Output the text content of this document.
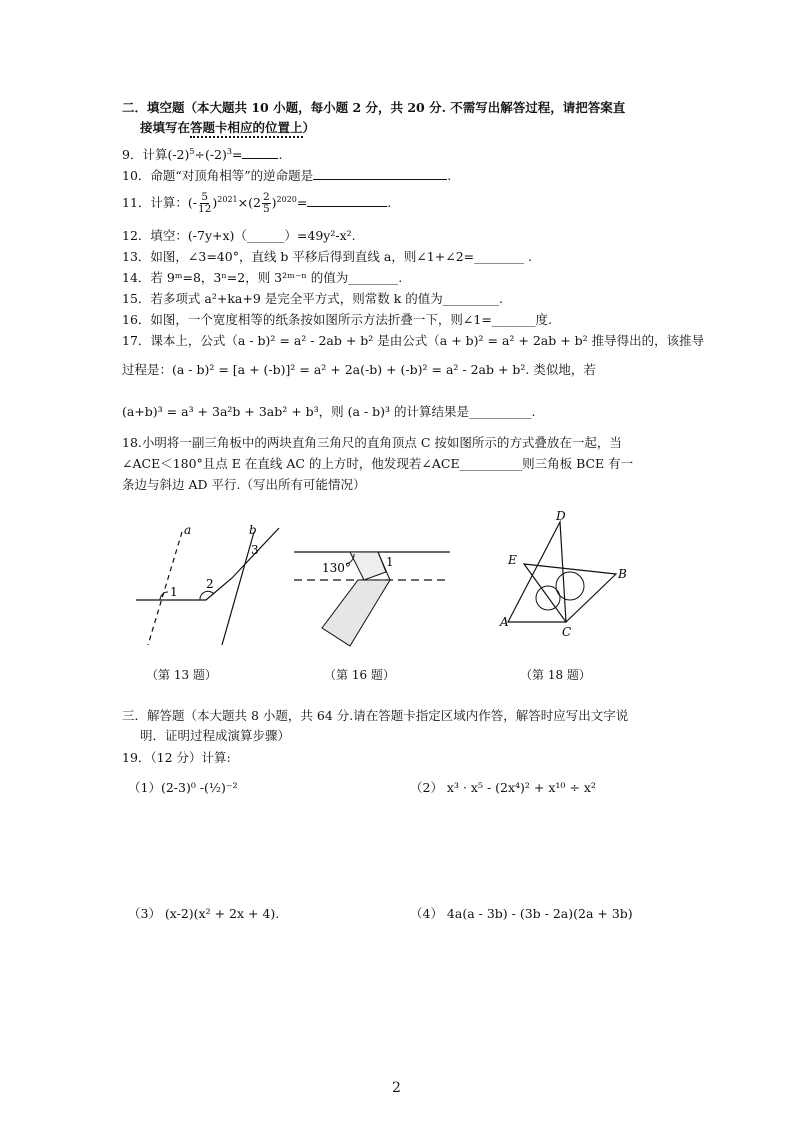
二．填空题（本大题共 10 小题，每小题 2 分，共 20 分. 不需写出解答过程，请把答案直
接填写在答题卡相应的位置上）
9．计算$(-2)^5\div(-2)^3=$	.
10．命题“对顶角相等”的逆命题是	.
11．计算：(- $\frac{5}{12} )^{2021}\times(2 \frac{2}{5} )^{2020}=$	.
12．填空：(-7y+x)（______）=49y²-x².
13．如图，∠3=40°，直线 b 平移后得到直线 a，则∠1+∠2=________ .
14．若 9ᵐ=8，3ⁿ=2，则 3²ᵐ⁻ⁿ 的值为________.
15．若多项式 a²+ka+9 是完全平方式，则常数 k 的值为_________.
16．如图，一个宽度相等的纸条按如图所示方法折叠一下，则∠1=_______度.
17．课本上，公式（a - b)² = a² - 2ab + b² 是由公式（a + b)² = a² + 2ab + b² 推导得出的，该推导
过程是：(a - b)² = [a + (-b)]² = a² + 2a(-b) + (-b)² = a² - 2ab + b². 类似地，若
(a+b)³ = a³ + 3a²b + 3ab² + b³，则 (a - b)³ 的计算结果是__________.
18.小明将一副三角板中的两块直角三角尺的直角顶点 C 按如图所示的方式叠放在一起，当
∠ACE＜180°且点 E 在直线 AC 的上方时，他发现若∠ACE__________则三角板 BCE 有一
条边与斜边 AD 平行.（写出所有可能情况）
a	b
3
2
1
（第 13 题）
130°	1
（第 16 题）
D
E
B
A
C
（第 18 题）
三．解答题（本大题共 8 小题，共 64 分.请在答题卡指定区域内作答，解答时应写出文字说
明．证明过程成演算步骤）
19．（12 分）计算:
（1）(2-3)⁰ -(½)⁻²	（2） x³ · x⁵ - (2x⁴)² + x¹⁰ ÷ x²
（3） (x-2)(x² + 2x + 4).	（4） 4a(a - 3b) - (3b - 2a)(2a + 3b)
2
